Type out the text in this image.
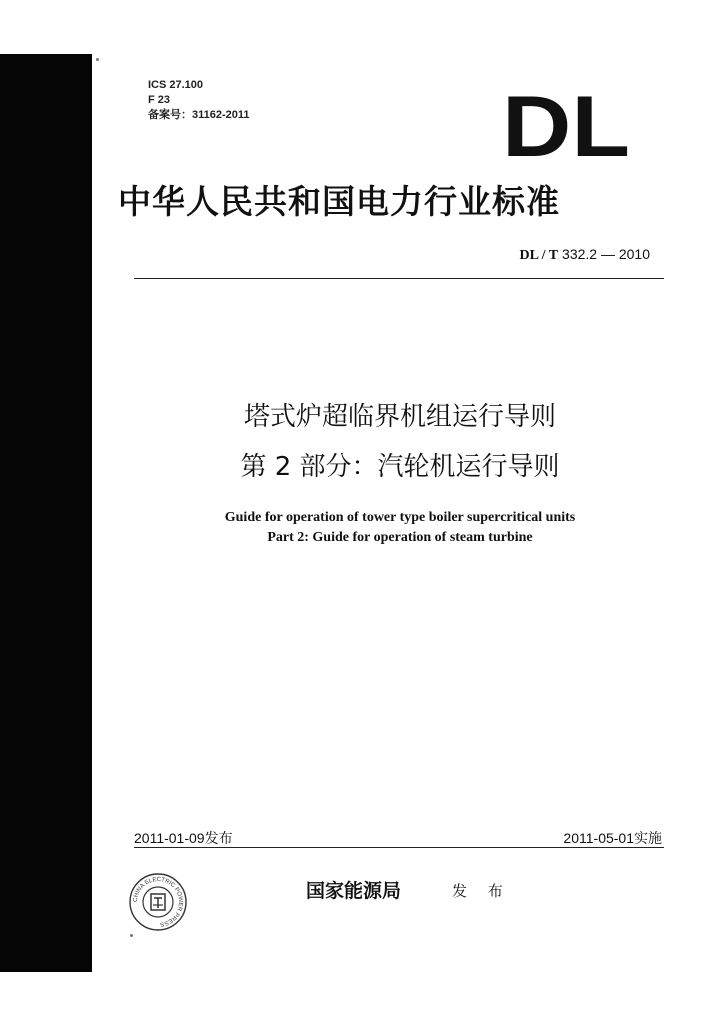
ICS 27.100
F 23
备案号：31162-2011	DL
中华人民共和国电力行业标准
DL / T 332.2 — 2010
塔式炉超临界机组运行导则
第 2 部分：汽轮机运行导则
Guide for operation of tower type boiler supercritical units
Part 2: Guide for operation of steam turbine
2011-01-09发布	2011-05-01实施
CHINA ELECTRIC POWER PRESS
国家能源局	发 布
